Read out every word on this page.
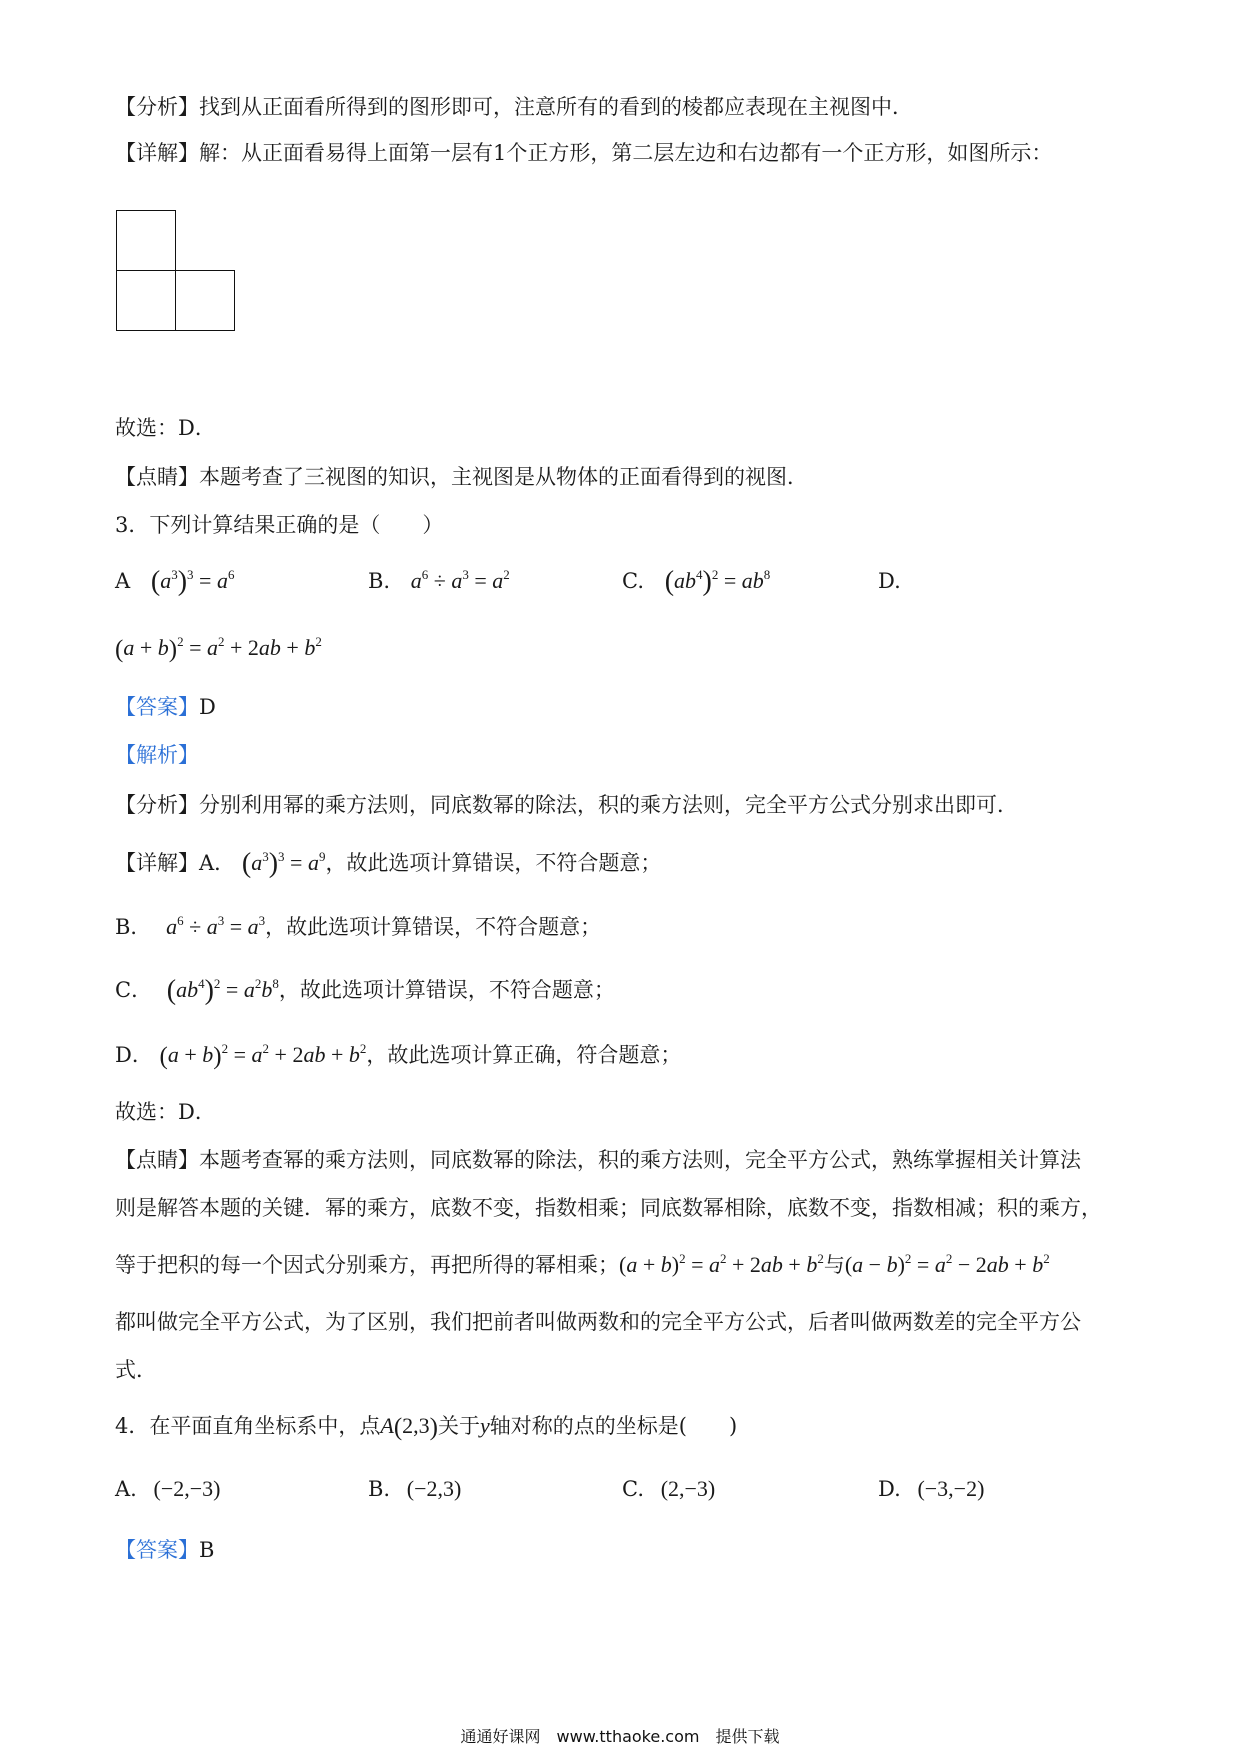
【分析】找到从正面看所得到的图形即可，注意所有的看到的棱都应表现在主视图中．
【详解】解：从正面看易得上面第一层有1个正方形，第二层左边和右边都有一个正方形，如图所示：
故选：D．
【点睛】本题考查了三视图的知识，主视图是从物体的正面看得到的视图．
3．下列计算结果正确的是（　　）
A $(a^3)^3 = a^6$	B. $a^6 \div a^3 = a^2$	C. $(ab^4)^2 = ab^8$	D.
$(a + b)^2 = a^2 + 2ab + b^2$
【答案】D
【解析】
【分析】分别利用幂的乘方法则，同底数幂的除法，积的乘方法则，完全平方公式分别求出即可．
【详解】A． $(a^3)^3 = a^9$，故此选项计算错误，不符合题意；
B． $a^6 \div a^3 = a^3$，故此选项计算错误，不符合题意；
C． $(ab^4)^2 = a^2b^8$，故此选项计算错误，不符合题意；
D． $(a + b)^2 = a^2 + 2ab + b^2$，故此选项计算正确，符合题意；
故选：D．
【点睛】本题考查幂的乘方法则，同底数幂的除法，积的乘方法则，完全平方公式，熟练掌握相关计算法
则是解答本题的关键．幂的乘方，底数不变，指数相乘；同底数幂相除，底数不变，指数相减；积的乘方，
等于把积的每一个因式分别乘方，再把所得的幂相乘；$(a + b)^2 = a^2 + 2ab + b^2$与$(a - b)^2 = a^2 - 2ab + b^2$
都叫做完全平方公式，为了区别，我们把前者叫做两数和的完全平方公式，后者叫做两数差的完全平方公
式．
4．在平面直角坐标系中，点A(2,3)关于y轴对称的点的坐标是(　　)
A. (−2,−3)	B. (−2,3)	C. (2,−3)	D. (−3,−2)
【答案】B
通通好课网　www.tthaoke.com　提供下载
